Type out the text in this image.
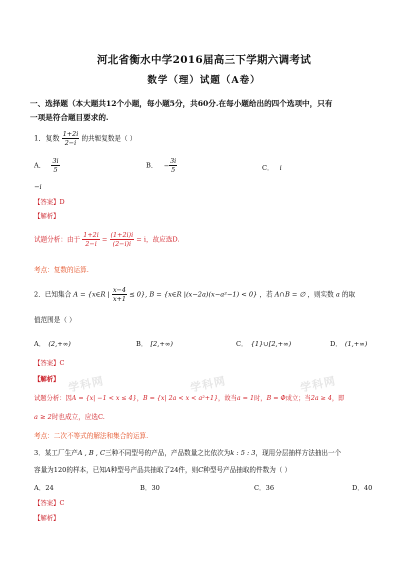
学科网	学科网	学科网
河北省衡水中学2016届高三下学期六调考试
数学（理）试题（A卷）
一、选择题（本大题共12个小题，每小题5分，共60分.在每小题给出的四个选项中，只有
一项是符合题目要求的.
1．复数 $\frac{1+2i}{2-i}$ 的共轭复数是（ ）
A． $\frac{3i}{5}$	B． − $\frac{3i}{5}$	C． i
−i
【答案】D
【解析】
试题分析：由于 $\frac{1+2i}{2-i} = \frac{(1+2i)i}{(2-i)i} = i$，故应选D.
考点：复数的运算.
2．已知集合 A = {x∈R | $\frac{x-4}{x+1} \le 0$}, B = {x∈R |(x−2a)(x−a²−1) < 0} ，若 A∩B = ∅ ，则实数 a 的取
值范围是（ ）
A． (2,+∞)	B． [2,+∞)	C． {1}∪[2,+∞)	D． (1,+∞)
【答案】C
【解析】
试题分析：因A = {x| −1 < x ≤ 4}，B = {x| 2a < x < a²+1}，故当a = 1时，B = Φ成立；当2a ≥ 4，即
a ≥ 2时也成立，应选C.
考点：二次不等式的解法和集合的运算.
3．某工厂生产A , B , C三种不同型号的产品，产品数量之比依次为k : 5 : 3，现用分层抽样方法抽出一个
容量为120的样本，已知A种型号产品共抽取了24件，则C种型号产品抽取的件数为（ ）
A．24	B．30	C．36	D．40
【答案】C
【解析】
